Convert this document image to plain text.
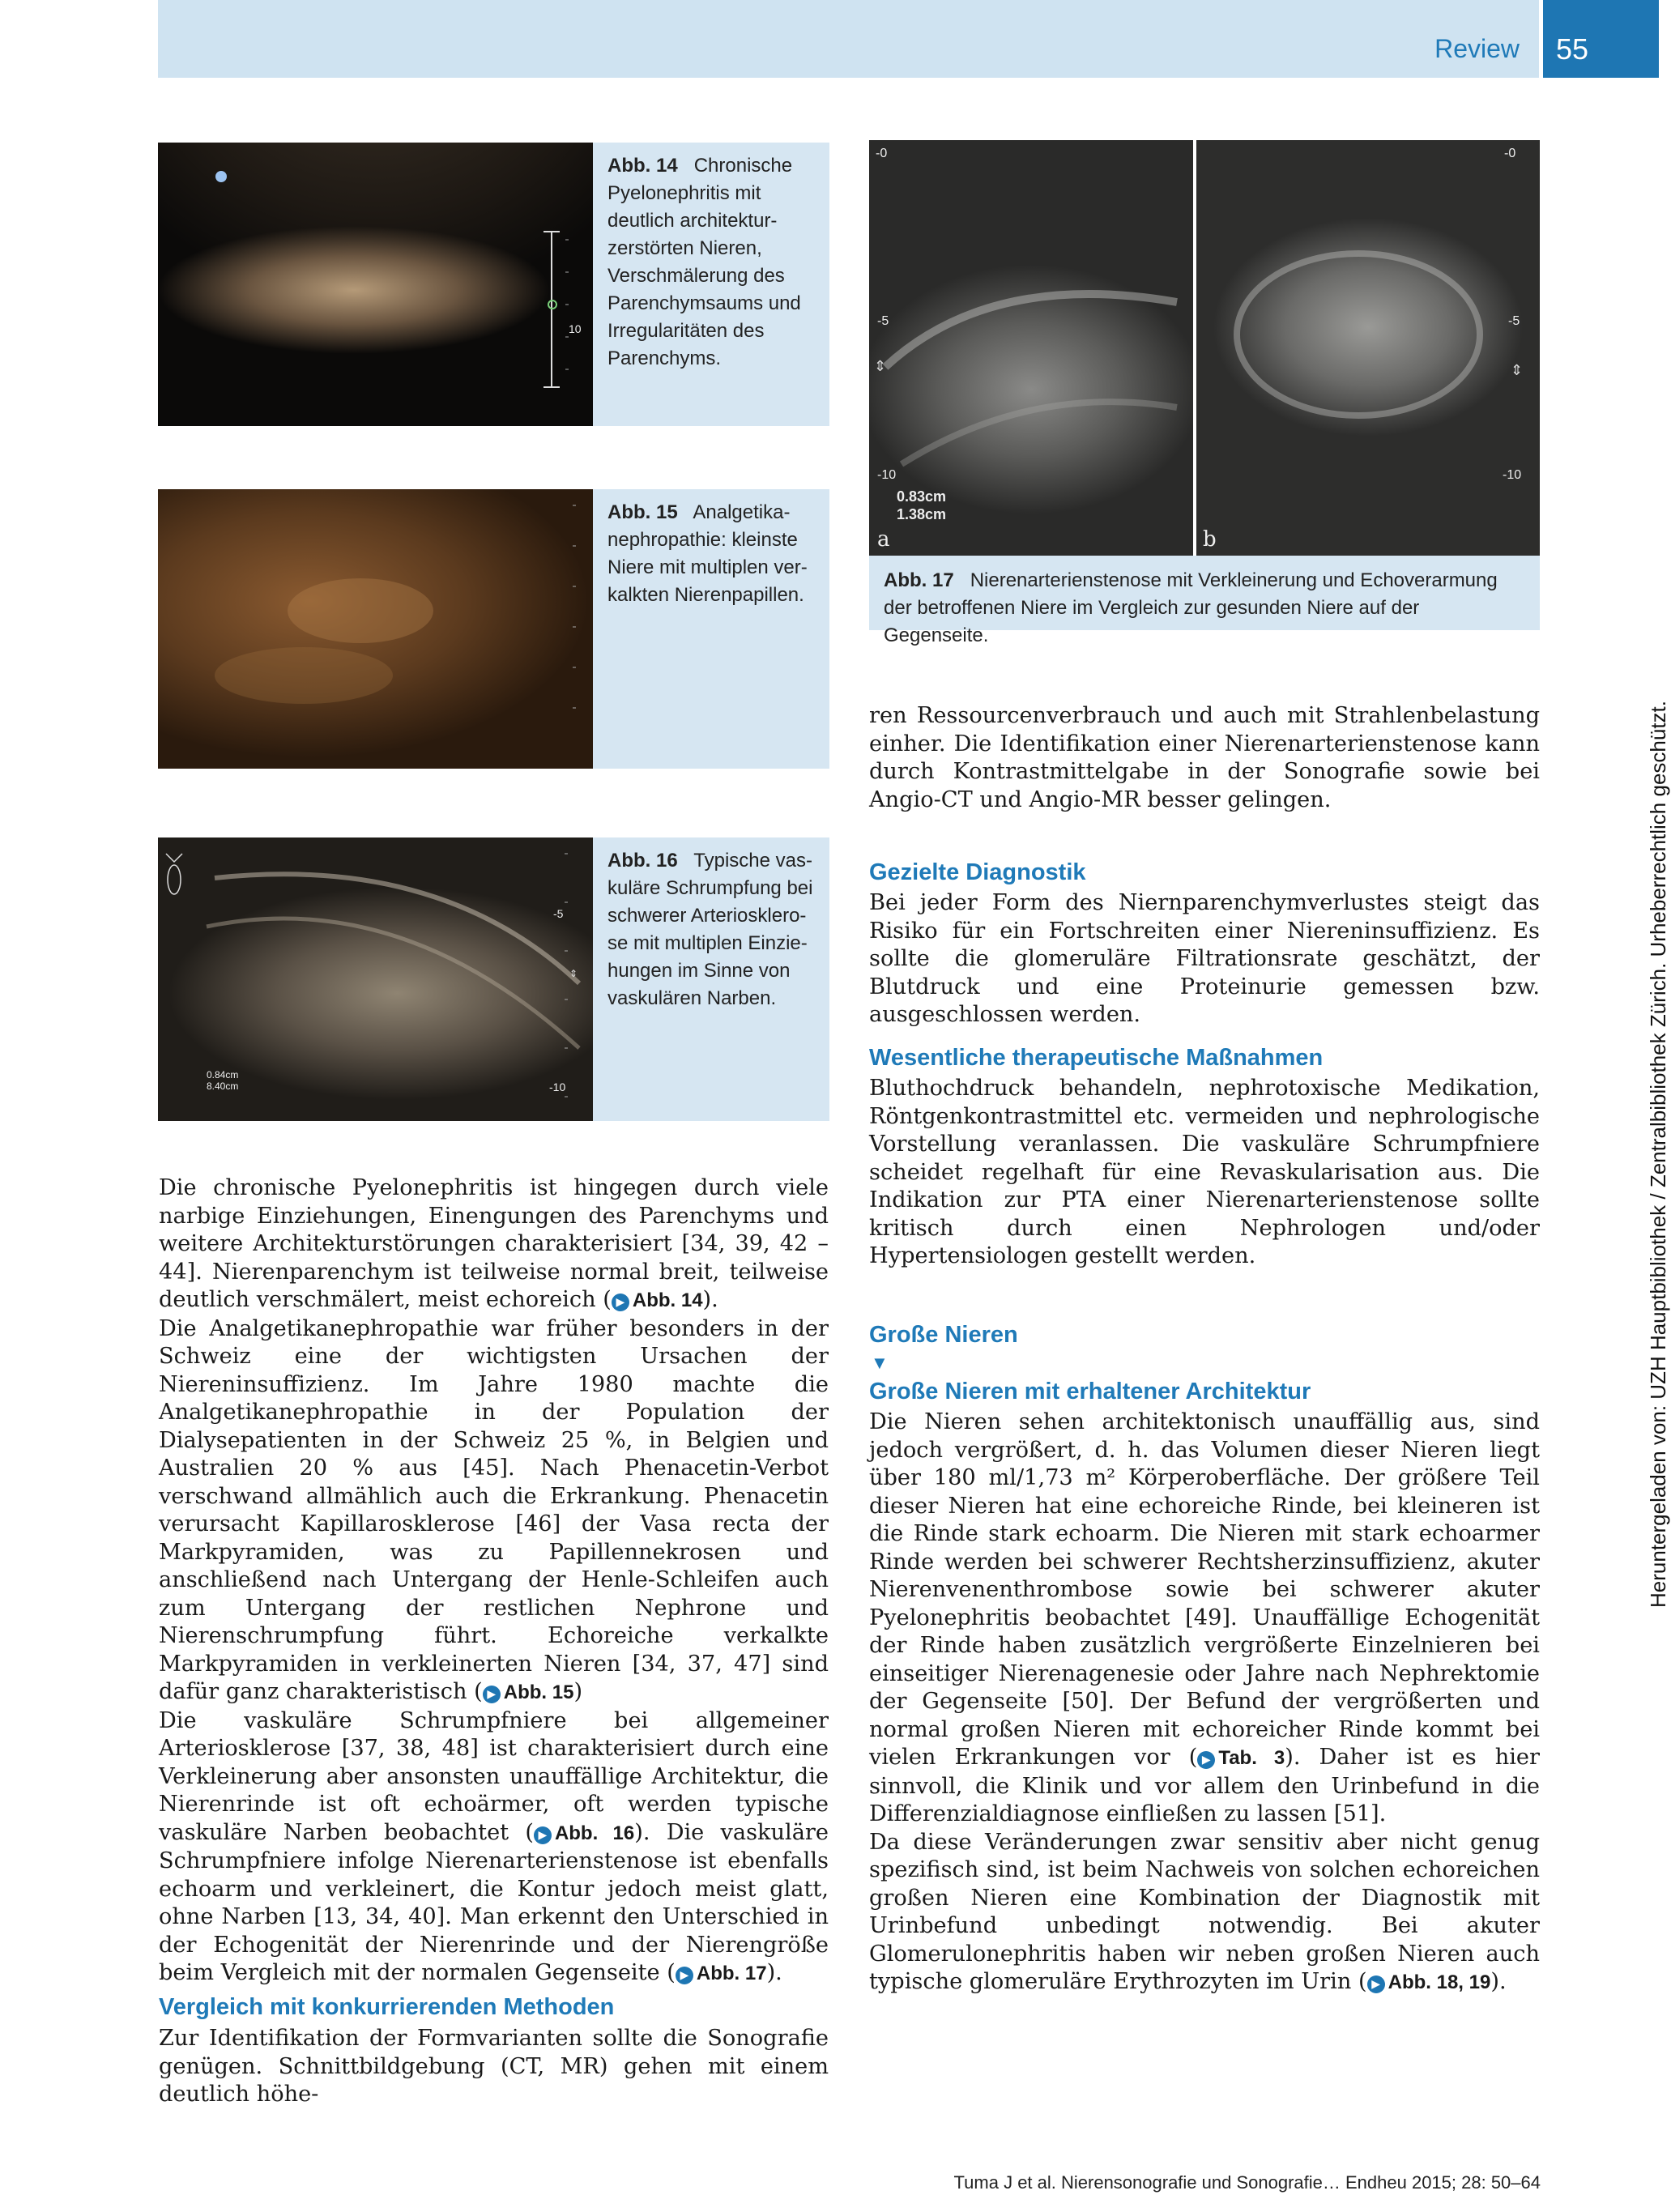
Review 55
10
Abb. 14 Chronische Pyelonephritis mit deutlich architektur-zerstörten Nieren, Verschmälerung des Parenchymsaums und Irregularitäten des Parenchyms.
Abb. 15 Analgetika-nephropathie: kleinste Niere mit multiplen ver-kalkten Nierenpapillen.
⇕
-5
-10
0.84cm
8.40cm
Abb. 16 Typische vas-kuläre Schrumpfung bei schwerer Arteriosklero-se mit multiplen Einzie-hungen im Sinne von vaskulären Narben.
⇕
-0
-5
-10
0.83cm
1.38cm
a
⇕
-0
-5
-10
b
Abb. 17 Nierenarterienstenose mit Verkleinerung und Echoverarmung der betroffenen Niere im Vergleich zur gesunden Niere auf der Gegenseite.

Die chronische Pyelonephritis ist hingegen durch viele narbige Einziehungen, Einengungen des Parenchyms und weitere Architekturstörungen charakterisiert [34, 39, 42 – 44]. Nierenparenchym ist teilweise normal breit, teilweise deutlich verschmälert, meist echoreich ( ▶ Abb. 14).

Die Analgetikanephropathie war früher besonders in der Schweiz eine der wichtigsten Ursachen der Niereninsuffizienz. Im Jahre 1980 machte die Analgetikanephropathie in der Population der Dialysepatienten in der Schweiz 25 %, in Belgien und Australien 20 % aus [45]. Nach Phenacetin-Verbot verschwand allmählich auch die Erkrankung. Phenacetin verursacht Kapillarosklerose [46] der Vasa recta der Markpyramiden, was zu Papillennekrosen und anschließend nach Untergang der Henle-Schleifen auch zum Untergang der restlichen Nephrone und Nierenschrumpfung führt. Echoreiche verkalkte Markpyramiden in verkleinerten Nieren [34, 37, 47] sind dafür ganz charakteristisch ( ▶ Abb. 15)

Die vaskuläre Schrumpfniere bei allgemeiner Arteriosklerose [37, 38, 48] ist charakterisiert durch eine Verkleinerung aber ansonsten unauffällige Architektur, die Nierenrinde ist oft echoärmer, oft werden typische vaskuläre Narben beobachtet ( ▶ Abb. 16). Die vaskuläre Schrumpfniere infolge Nierenarterienstenose ist ebenfalls echoarm und verkleinert, die Kontur jedoch meist glatt, ohne Narben [13, 34, 40]. Man erkennt den Unterschied in der Echogenität der Nierenrinde und der Nierengröße beim Vergleich mit der normalen Gegenseite ( ▶ Abb. 17).

Vergleich mit konkurrierenden Methoden

Zur Identifikation der Formvarianten sollte die Sonografie genügen. Schnittbildgebung (CT, MR) gehen mit einem deutlich höhe-

ren Ressourcenverbrauch und auch mit Strahlenbelastung einher. Die Identifikation einer Nierenarterienstenose kann durch Kontrastmittelgabe in der Sonografie sowie bei Angio-CT und Angio-MR besser gelingen.

Gezielte Diagnostik

Bei jeder Form des Niernparenchymverlustes steigt das Risiko für ein Fortschreiten einer Niereninsuffizienz. Es sollte die glomeruläre Filtrationsrate geschätzt, der Blutdruck und eine Proteinurie gemessen bzw. ausgeschlossen werden.

Wesentliche therapeutische Maßnahmen

Bluthochdruck behandeln, nephrotoxische Medikation, Röntgenkontrastmittel etc. vermeiden und nephrologische Vorstellung veranlassen. Die vaskuläre Schrumpfniere scheidet regelhaft für eine Revaskularisation aus. Die Indikation zur PTA einer Nierenarterienstenose sollte kritisch durch einen Nephrologen und/oder Hypertensiologen gestellt werden.

Große Nieren
▼
Große Nieren mit erhaltener Architektur

Die Nieren sehen architektonisch unauffällig aus, sind jedoch vergrößert, d. h. das Volumen dieser Nieren liegt über 180 ml/1,73 m² Körperoberfläche. Der größere Teil dieser Nieren hat eine echoreiche Rinde, bei kleineren ist die Rinde stark echoarm. Die Nieren mit stark echoarmer Rinde werden bei schwerer Rechtsherzinsuffizienz, akuter Nierenvenenthrombose sowie bei schwerer akuter Pyelonephritis beobachtet [49]. Unauffällige Echogenität der Rinde haben zusätzlich vergrößerte Einzelnieren bei einseitiger Nierenagenesie oder Jahre nach Nephrektomie der Gegenseite [50]. Der Befund der vergrößerten und normal großen Nieren mit echoreicher Rinde kommt bei vielen Erkrankungen vor ( ▶ Tab. 3). Daher ist es hier sinnvoll, die Klinik und vor allem den Urinbefund in die Differenzialdiagnose einfließen zu lassen [51].

Da diese Veränderungen zwar sensitiv aber nicht genug spezifisch sind, ist beim Nachweis von solchen echoreichen großen Nieren eine Kombination der Diagnostik mit Urinbefund unbedingt notwendig. Bei akuter Glomerulonephritis haben wir neben großen Nieren auch typische glomeruläre Erythrozyten im Urin ( ▶ Abb. 18, 19).

Heruntergeladen von: UZH Hauptbibliothek / Zentralbibliothek Zürich. Urheberrechtlich geschützt.
Tuma J et al. Nierensonografie und Sonografie… Endheu 2015; 28: 50–64
